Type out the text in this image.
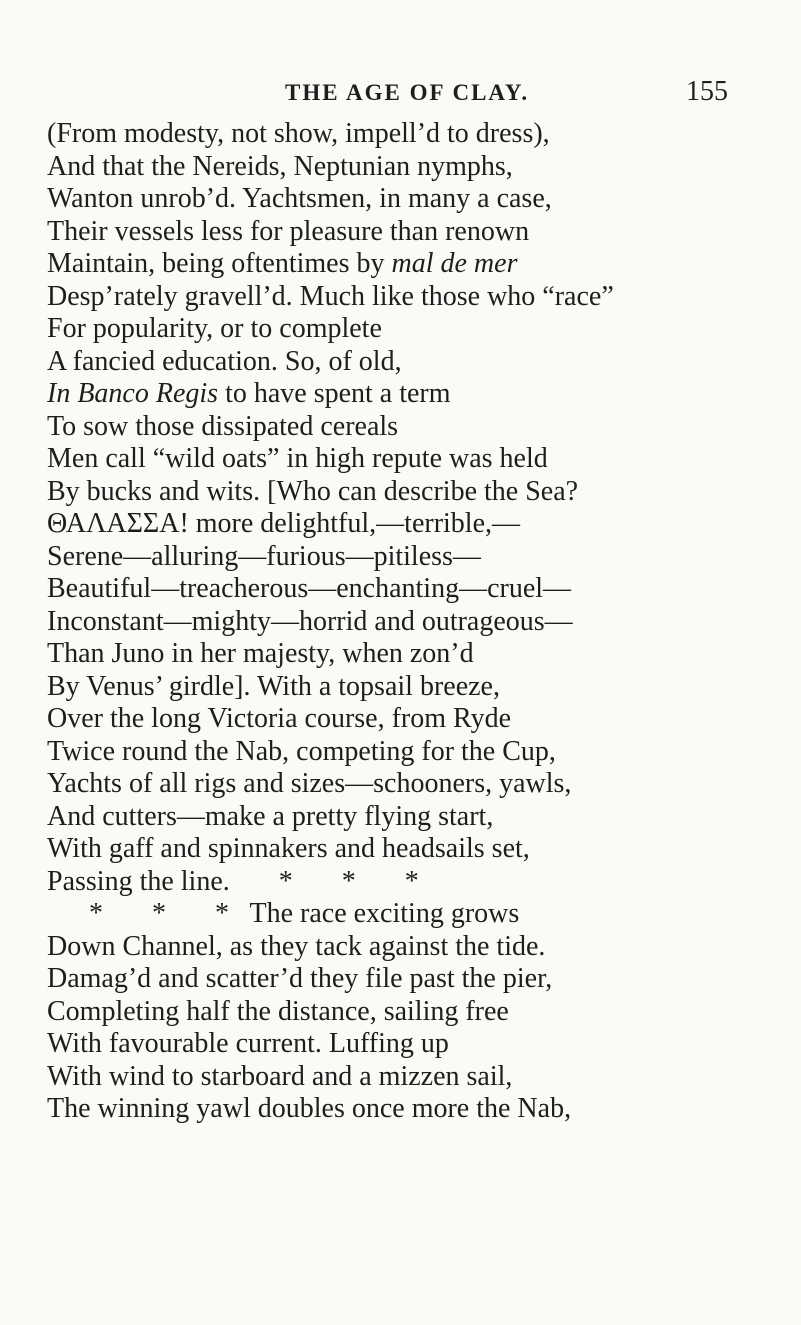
THE AGE OF CLAY.	155
(From modesty, not show, impell’d to dress),
And that the Nereids, Neptunian nymphs,
Wanton unrob’d. Yachtsmen, in many a case,
Their vessels less for pleasure than renown
Maintain, being oftentimes by mal de mer
Desp’rately gravell’d. Much like those who “race”
For popularity, or to complete
A fancied education. So, of old,
In Banco Regis to have spent a term
To sow those dissipated cereals
Men call “wild oats” in high repute was held
By bucks and wits. [Who can describe the Sea?
ΘΑΛΑΣΣΑ! more delightful,—terrible,—
Serene—alluring—furious—pitiless—
Beautiful—treacherous—enchanting—cruel—
Inconstant—mighty—horrid and outrageous—
Than Juno in her majesty, when zon’d
By Venus’ girdle]. With a topsail breeze,
Over the long Victoria course, from Ryde
Twice round the Nab, competing for the Cup,
Yachts of all rigs and sizes—schooners, yawls,
And cutters—make a pretty flying start,
With gaff and spinnakers and headsails set,
Passing the line.       *       *       *
*       *       *   The race exciting grows
Down Channel, as they tack against the tide.
Damag’d and scatter’d they file past the pier,
Completing half the distance, sailing free
With favourable current. Luffing up
With wind to starboard and a mizzen sail,
The winning yawl doubles once more the Nab,
